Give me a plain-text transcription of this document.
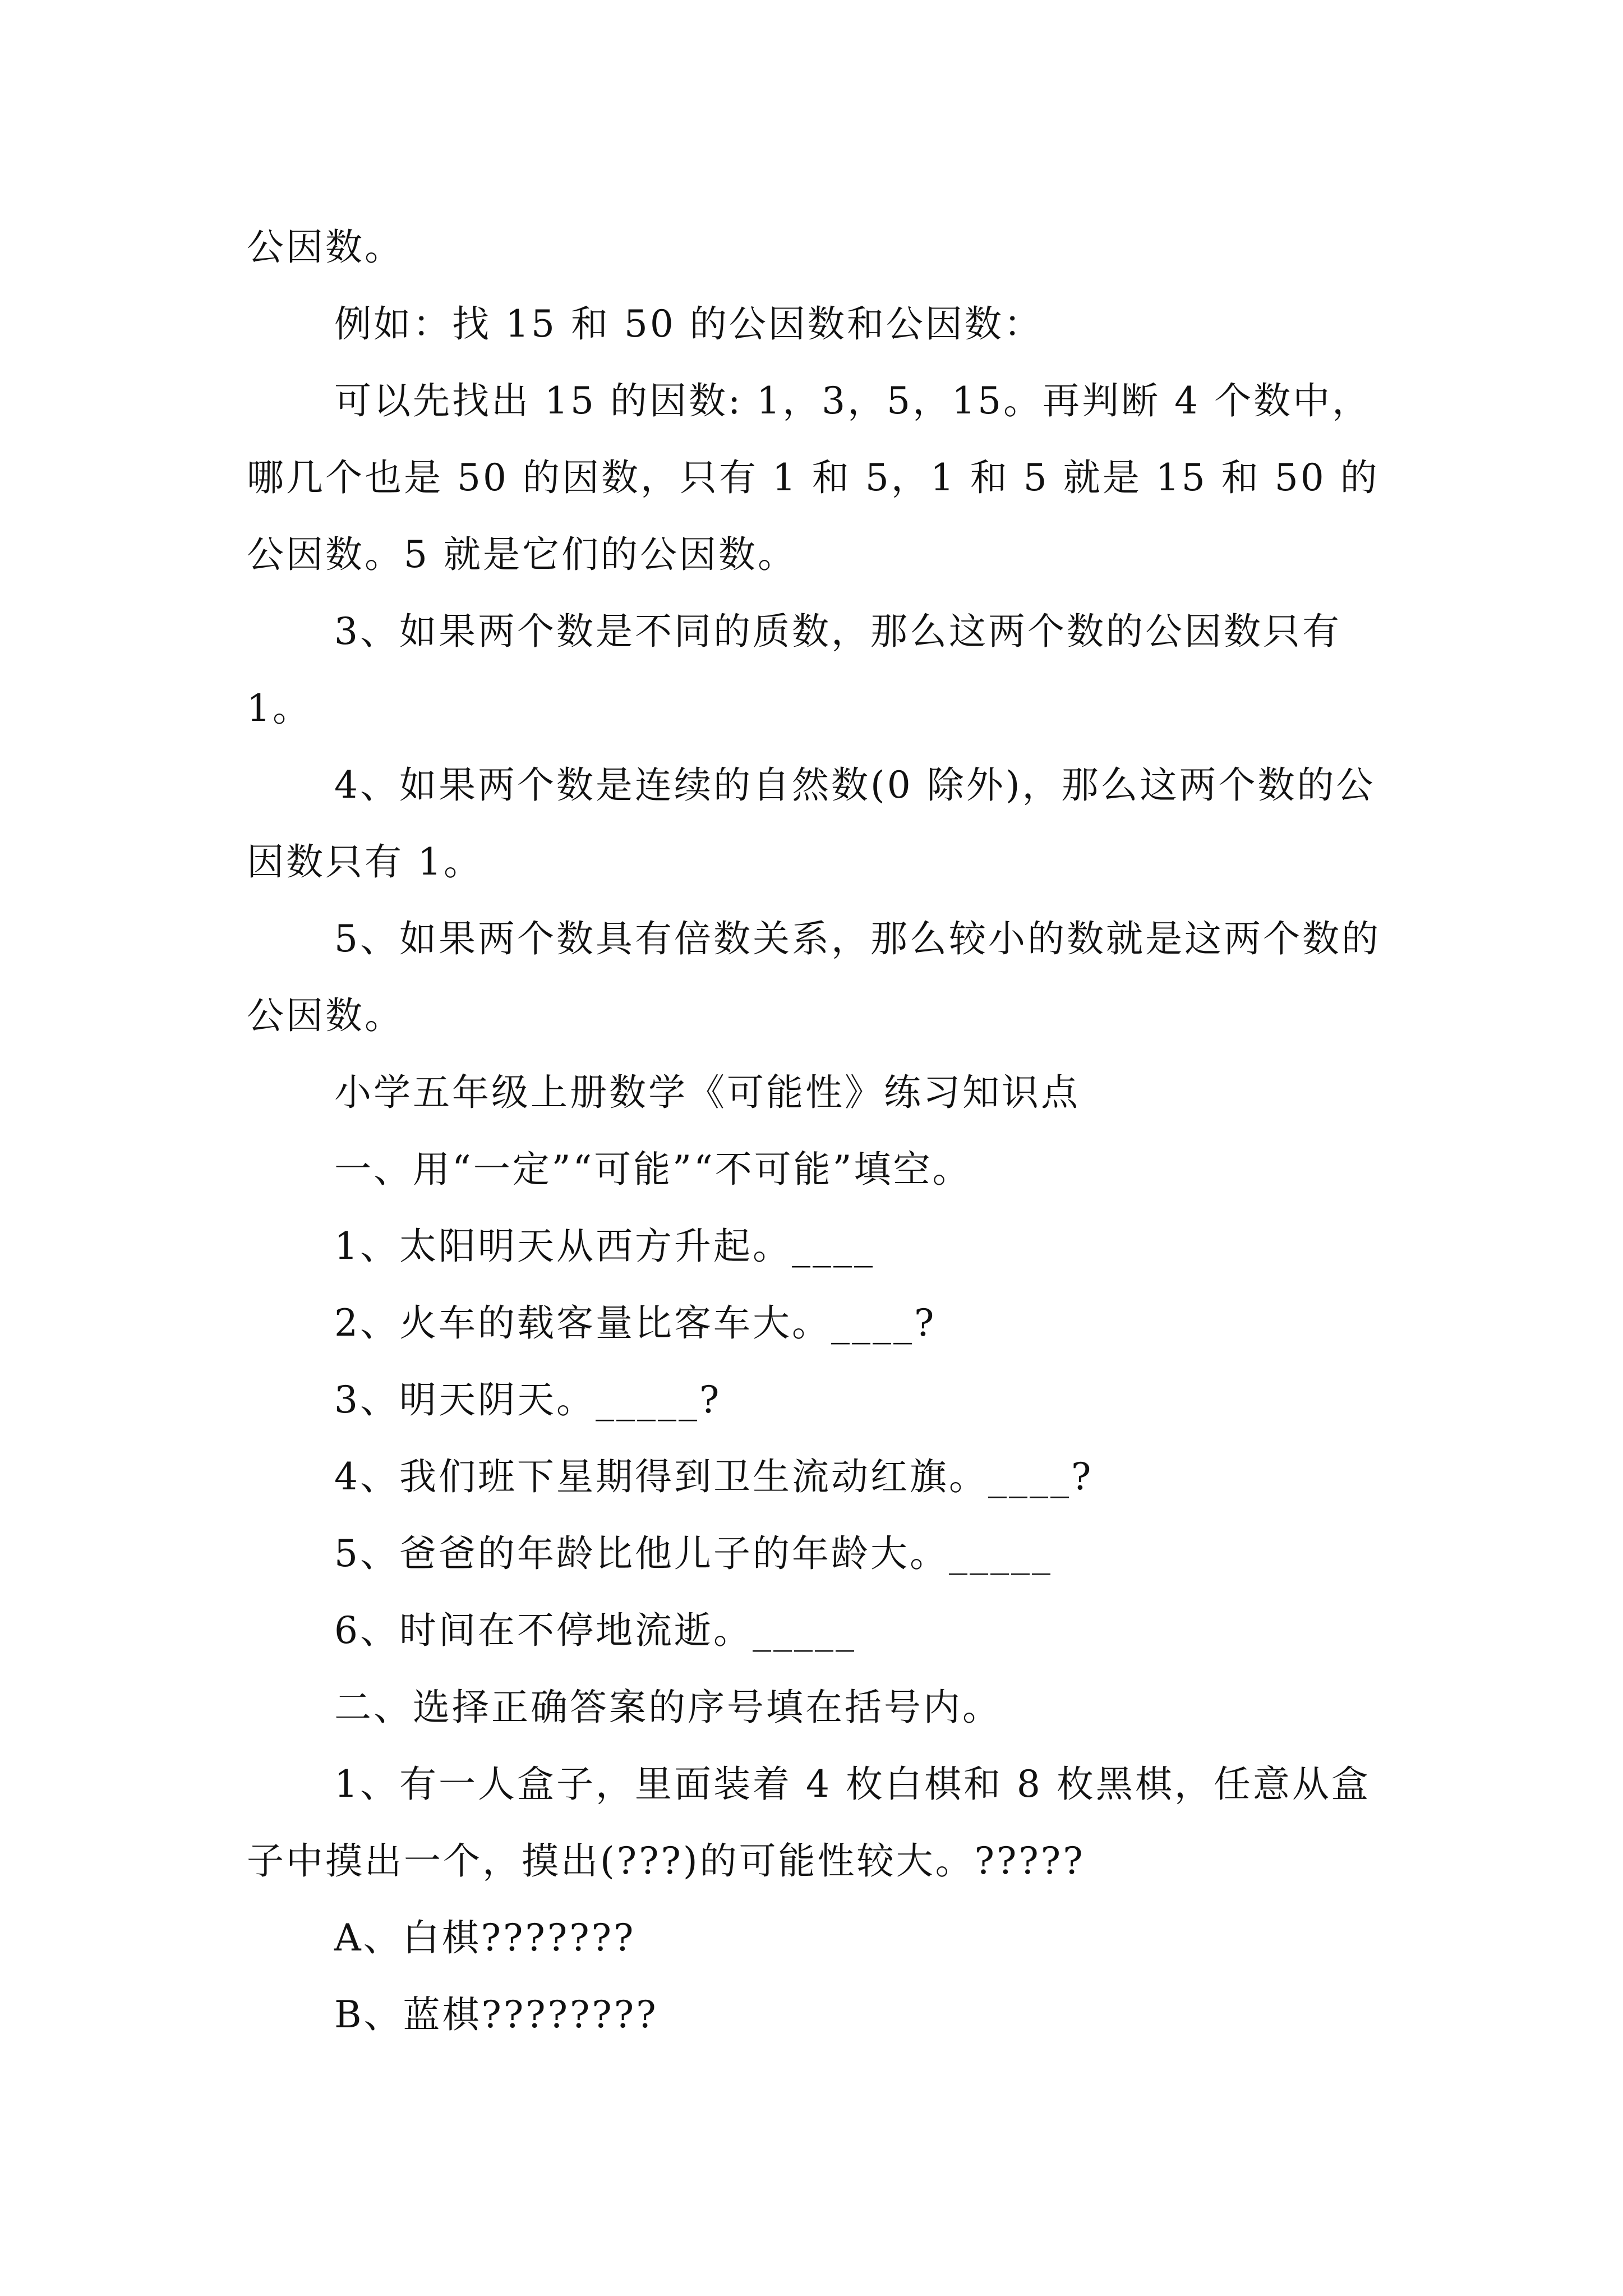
公因数。

例如：找 15 和 50 的公因数和公因数：

可以先找出 15 的因数: 1，3，5，15。再判断 4 个数中，哪几个也是 50 的因数，只有 1 和 5，1 和 5 就是 15 和 50 的公因数。5 就是它们的公因数。

3、如果两个数是不同的质数，那么这两个数的公因数只有 1。

4、如果两个数是连续的自然数(0 除外)，那么这两个数的公因数只有 1。

5、如果两个数具有倍数关系，那么较小的数就是这两个数的公因数。

小学五年级上册数学《可能性》练习知识点

一、用“一定”“可能”“不可能”填空。

1、太阳明天从西方升起。____

2、火车的载客量比客车大。____?

3、明天阴天。_____?

4、我们班下星期得到卫生流动红旗。____?

5、爸爸的年龄比他儿子的年龄大。_____

6、时间在不停地流逝。_____

二、选择正确答案的序号填在括号内。

1、有一人盒子，里面装着 4 枚白棋和 8 枚黑棋，任意从盒子中摸出一个，摸出(???)的可能性较大。?????

A、白棋???????

B、蓝棋????????
